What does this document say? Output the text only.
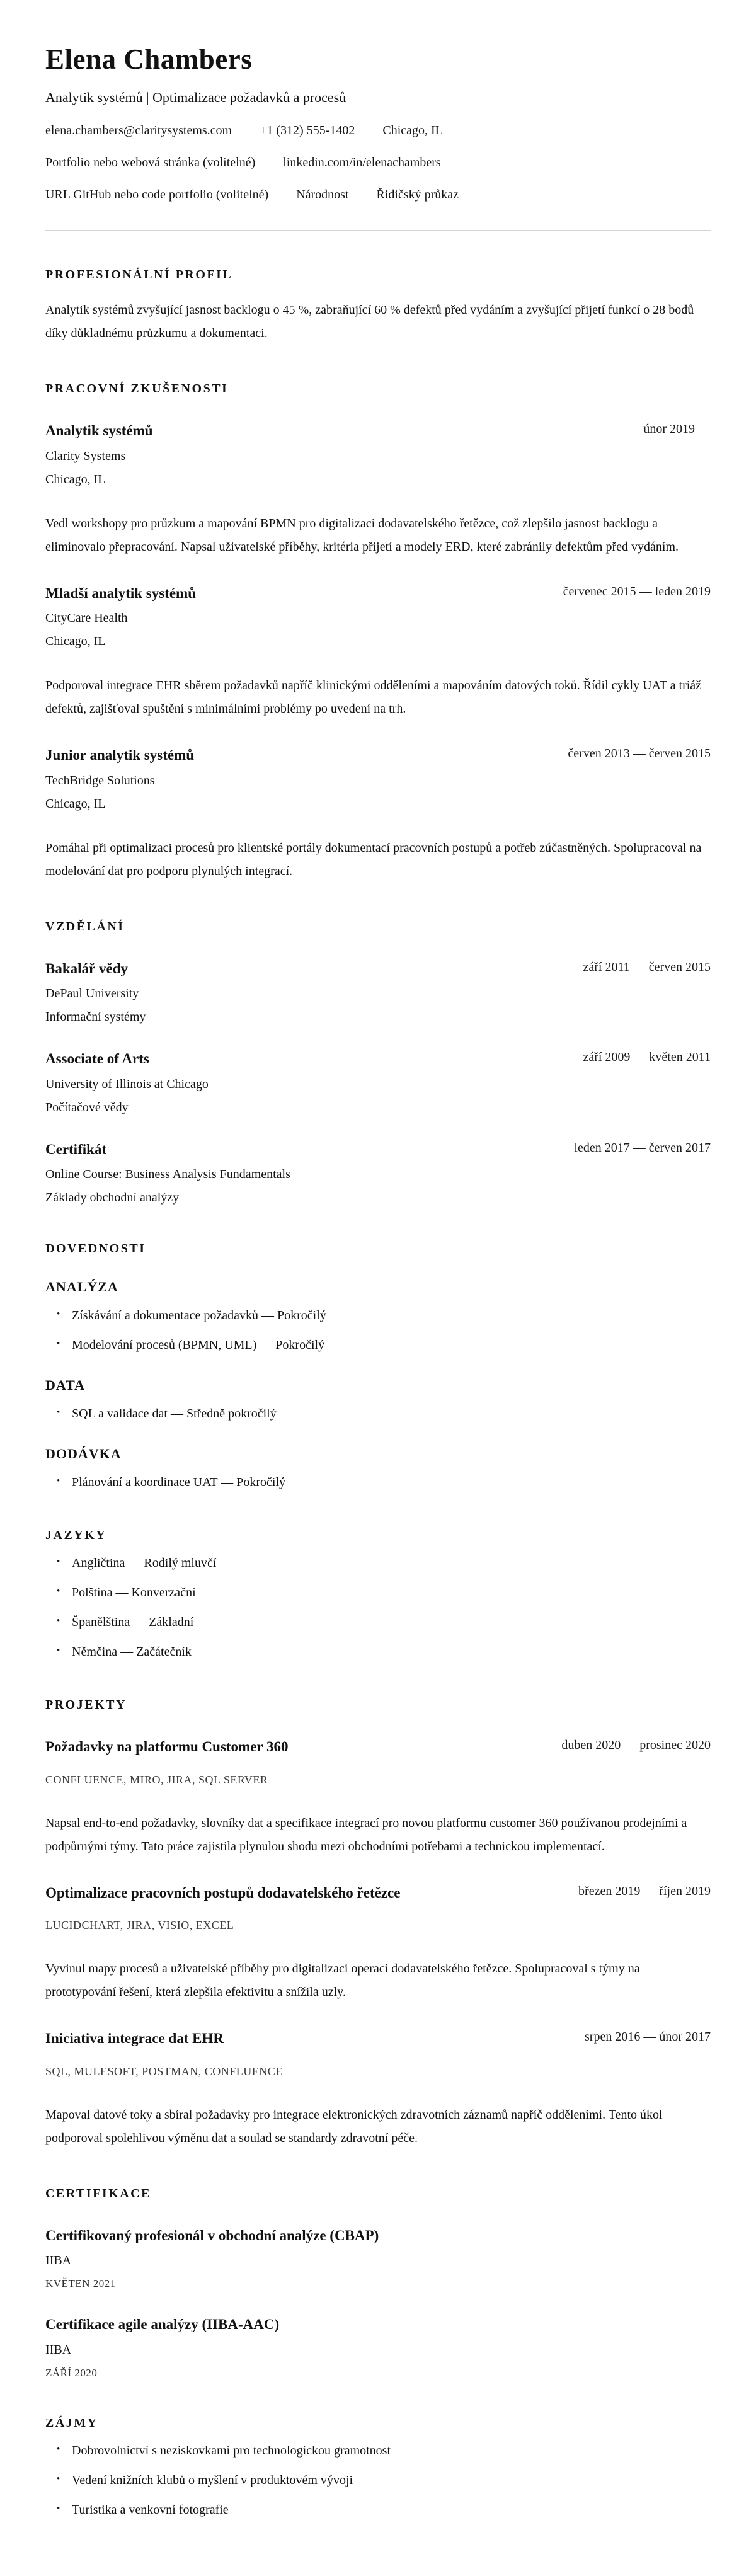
Elena Chambers
Analytik systémů | Optimalizace požadavků a procesů
elena.chambers@claritysystems.com +1 (312) 555-1402 Chicago, IL
Portfolio nebo webová stránka (volitelné) linkedin.com/in/elenachambers
URL GitHub nebo code portfolio (volitelné) Národnost Řidičský průkaz
PROFESIONÁLNÍ PROFIL

Analytik systémů zvyšující jasnost backlogu o 45 %, zabraňující 60 % defektů před vydáním a zvyšující přijetí funkcí o 28 bodů díky důkladnému průzkumu a dokumentaci.

PRACOVNÍ ZKUŠENOSTI
Analytik systémů	únor 2019 —
Clarity Systems
Chicago, IL

Vedl workshopy pro průzkum a mapování BPMN pro digitalizaci dodavatelského řetězce, což zlepšilo jasnost backlogu a eliminovalo přepracování. Napsal uživatelské příběhy, kritéria přijetí a modely ERD, které zabránily defektům před vydáním.

Mladší analytik systémů	červenec 2015 — leden 2019
CityCare Health
Chicago, IL

Podporoval integrace EHR sběrem požadavků napříč klinickými odděleními a mapováním datových toků. Řídil cykly UAT a triáž defektů, zajišťoval spuštění s minimálními problémy po uvedení na trh.

Junior analytik systémů	červen 2013 — červen 2015
TechBridge Solutions
Chicago, IL

Pomáhal při optimalizaci procesů pro klientské portály dokumentací pracovních postupů a potřeb zúčastněných. Spolupracoval na modelování dat pro podporu plynulých integrací.

VZDĚLÁNÍ
Bakalář vědy	září 2011 — červen 2015
DePaul University
Informační systémy
Associate of Arts	září 2009 — květen 2011
University of Illinois at Chicago
Počítačové vědy
Certifikát	leden 2017 — červen 2017
Online Course: Business Analysis Fundamentals
Základy obchodní analýzy
DOVEDNOSTI
ANALÝZA
• Získávání a dokumentace požadavků — Pokročilý
• Modelování procesů (BPMN, UML) — Pokročilý
DATA
• SQL a validace dat — Středně pokročilý
DODÁVKA
• Plánování a koordinace UAT — Pokročilý
JAZYKY
• Angličtina — Rodilý mluvčí
• Polština — Konverzační
• Španělština — Základní
• Němčina — Začátečník
PROJEKTY
Požadavky na platformu Customer 360	duben 2020 — prosinec 2020
CONFLUENCE, MIRO, JIRA, SQL SERVER

Napsal end-to-end požadavky, slovníky dat a specifikace integrací pro novou platformu customer 360 používanou prodejními a podpůrnými týmy. Tato práce zajistila plynulou shodu mezi obchodními potřebami a technickou implementací.

Optimalizace pracovních postupů dodavatelského řetězce	březen 2019 — říjen 2019
LUCIDCHART, JIRA, VISIO, EXCEL

Vyvinul mapy procesů a uživatelské příběhy pro digitalizaci operací dodavatelského řetězce. Spolupracoval s týmy na prototypování řešení, která zlepšila efektivitu a snížila uzly.

Iniciativa integrace dat EHR	srpen 2016 — únor 2017
SQL, MULESOFT, POSTMAN, CONFLUENCE

Mapoval datové toky a sbíral požadavky pro integrace elektronických zdravotních záznamů napříč odděleními. Tento úkol podporoval spolehlivou výměnu dat a soulad se standardy zdravotní péče.

CERTIFIKACE
Certifikovaný profesionál v obchodní analýze (CBAP)
IIBA
KVĚTEN 2021
Certifikace agile analýzy (IIBA-AAC)
IIBA
ZÁŘÍ 2020
ZÁJMY
• Dobrovolnictví s neziskovkami pro technologickou gramotnost
• Vedení knižních klubů o myšlení v produktovém vývoji
• Turistika a venkovní fotografie
